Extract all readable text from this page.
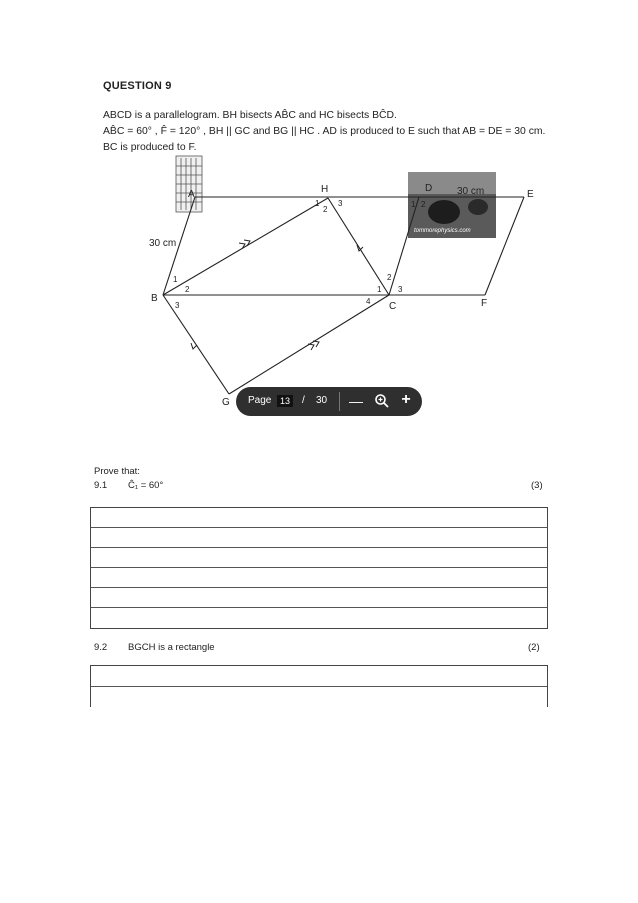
QUESTION 9
ABCD is a parallelogram. BH bisects AB̂C and HC bisects BĈD.
AB̂C = 60° , F̂ = 120° , BH || GC and BG || HC . AD is produced to E such that AB = DE = 30 cm.
BC is produced to F.
tommorephysics.com
A
B
C
D
E
F
G
H
30 cm
30 cm
1
2
3
1
2
3
1
2
3
4
1 2
Page 13	/ 30 — +
Prove that:
9.1 Ĉ₁ = 60°	(3)
9.2 BGCH is a rectangle	(2)
